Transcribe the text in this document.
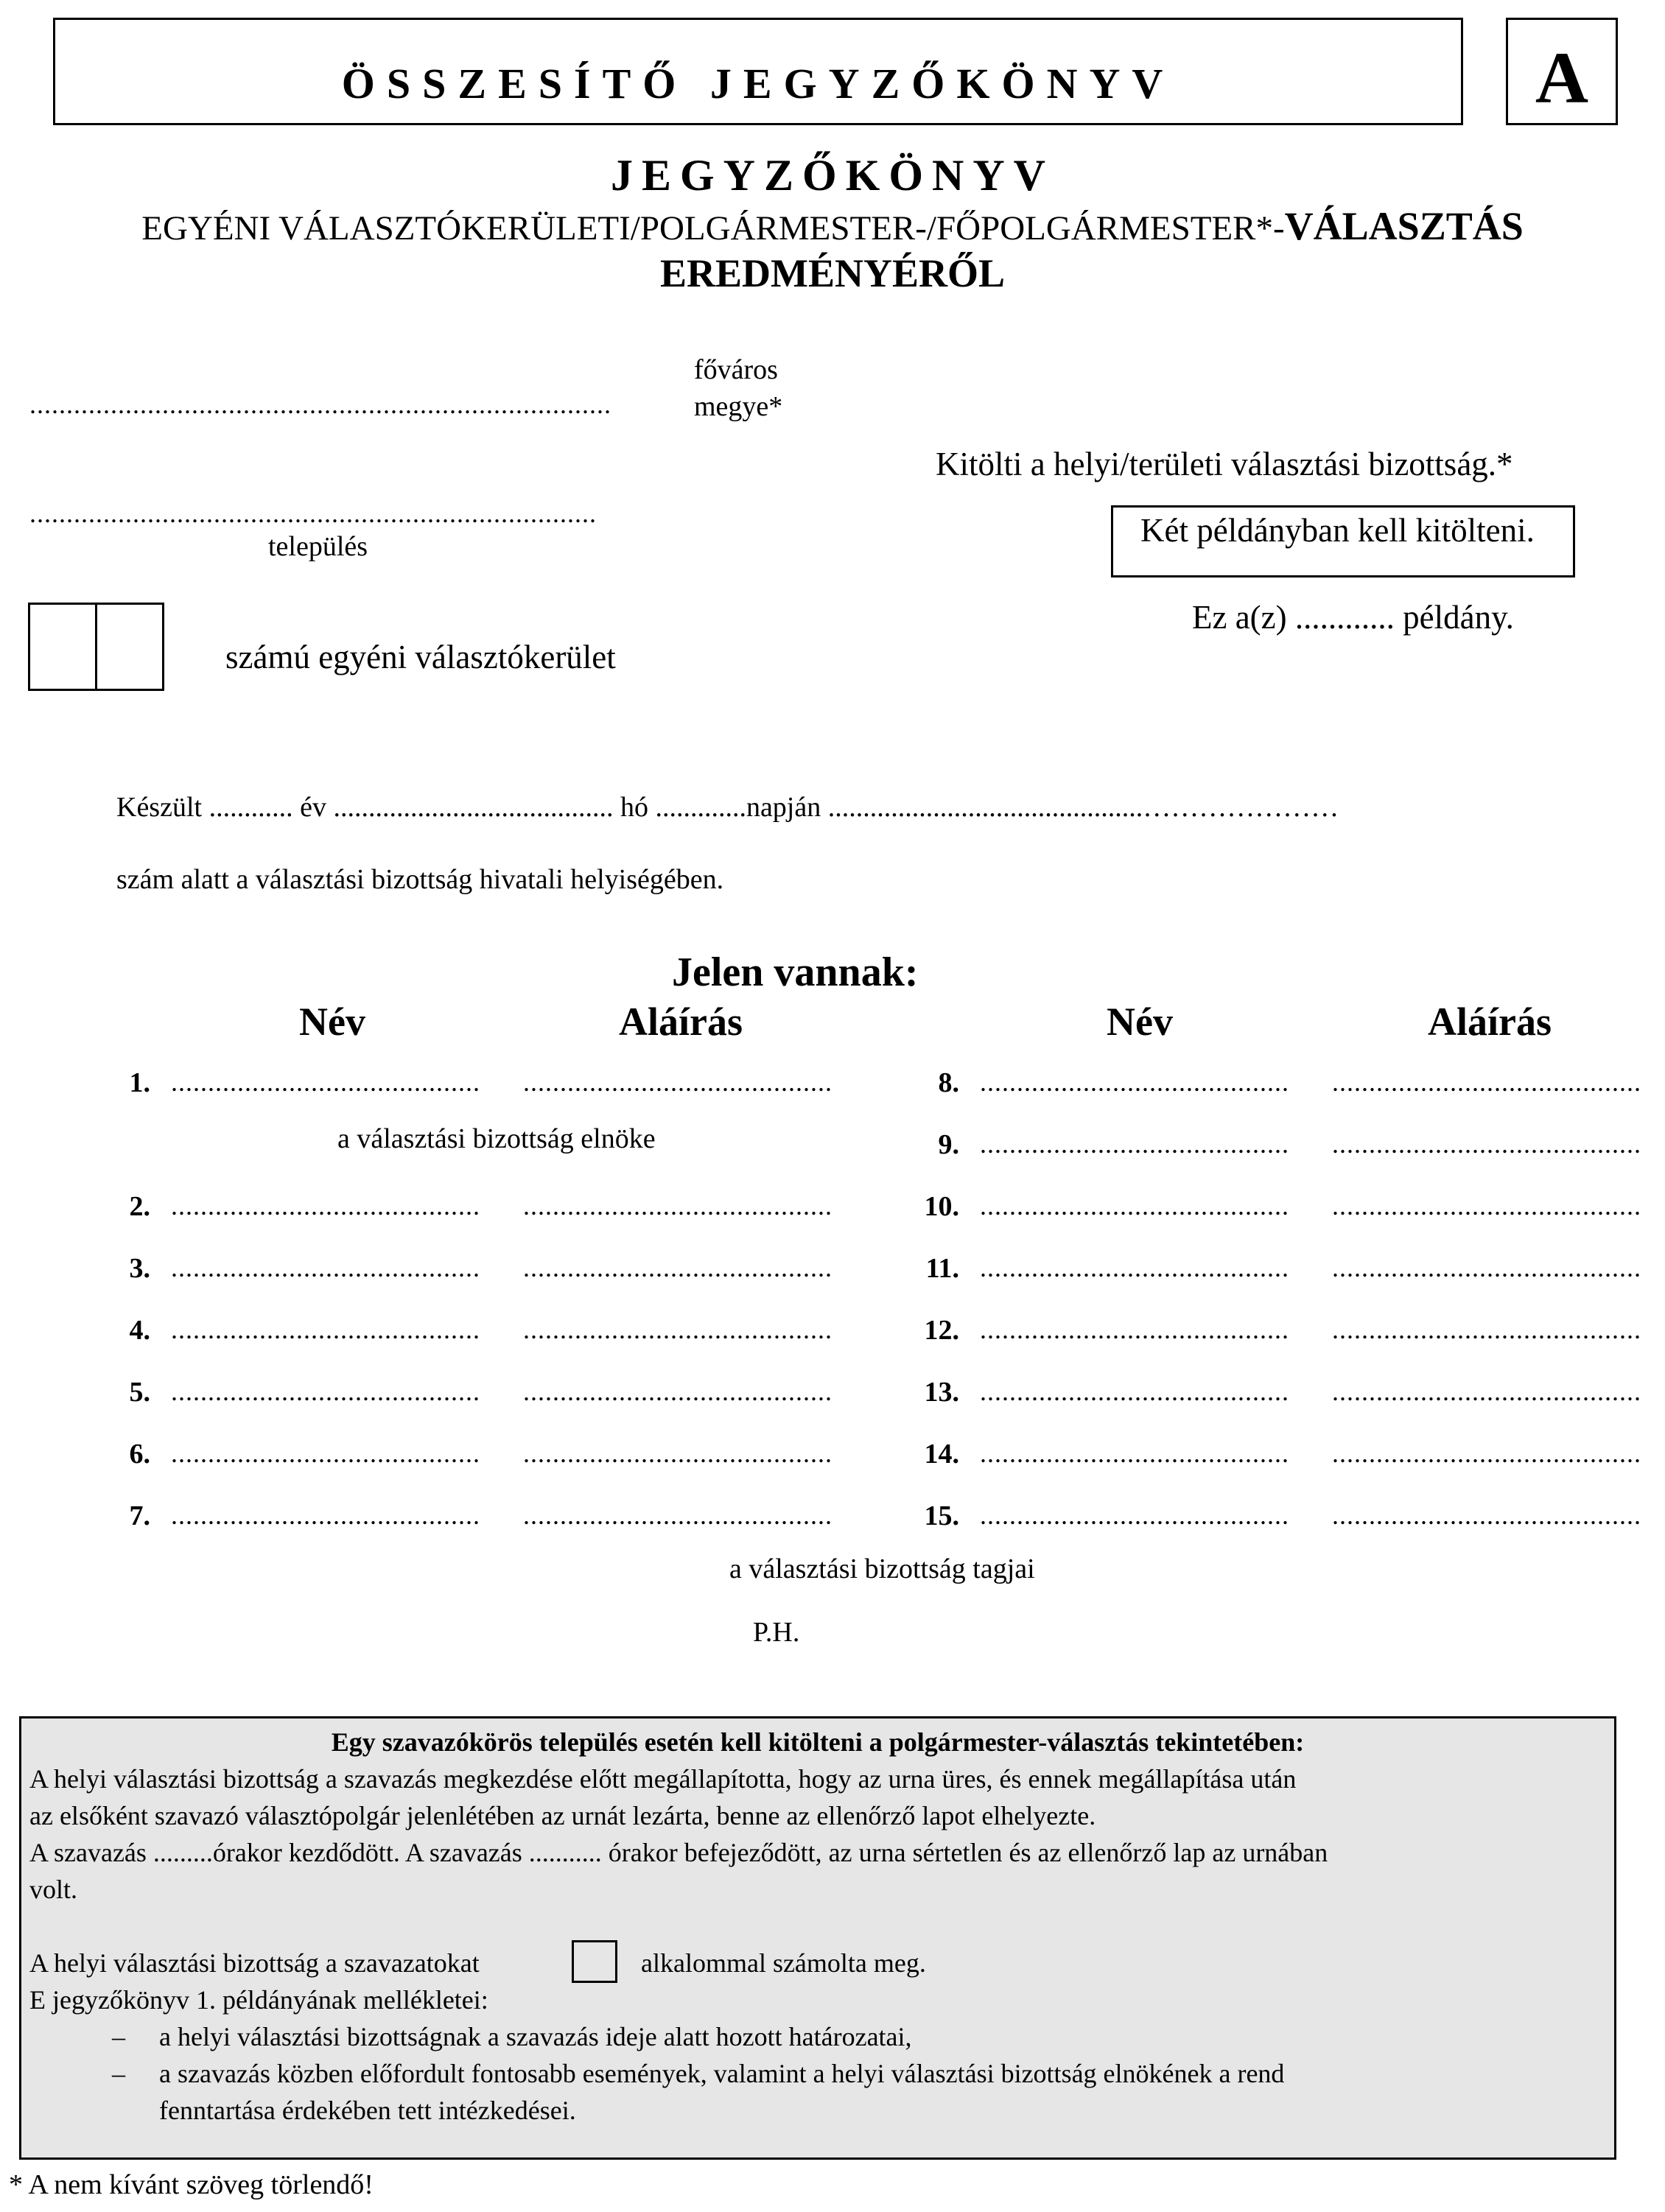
ÖSSZESÍTŐ JEGYZŐKÖNYV	A
JEGYZŐKÖNYV
EGYÉNI VÁLASZTÓKERÜLETI/POLGÁRMESTER-/FŐPOLGÁRMESTER*-VÁLASZTÁS
EREDMÉNYÉRŐL
...............................................................................
főváros
megye*
.............................................................................
település
számú egyéni választókerület
Kitölti a helyi/területi választási bizottság.*
Két példányban kell kitölteni.
Ez a(z) ............ példány.
Készült ............ év ........................................ hó .............napján .............................................…………………
szám alatt a választási bizottság hivatali helyiségében.
Jelen vannak:
Név	Aláírás	Név	Aláírás
1. ..........................................	..........................................
2. ..........................................	..........................................
3. ..........................................	..........................................
4. ..........................................	..........................................
5. ..........................................	..........................................
6. ..........................................	..........................................
7. ..........................................	..........................................
8. ..........................................	..........................................
9. ..........................................	..........................................
10. ..........................................	..........................................
11. ..........................................	..........................................
12. ..........................................	..........................................
13. ..........................................	..........................................
14. ..........................................	..........................................
15. ..........................................	..........................................
a választási bizottság elnöke
a választási bizottság tagjai
P.H.
Egy szavazókörös település esetén kell kitölteni a polgármester-választás tekintetében:
A helyi választási bizottság a szavazás megkezdése előtt megállapította, hogy az urna üres, és ennek megállapítása után
az elsőként szavazó választópolgár jelenlétében az urnát lezárta, benne az ellenőrző lapot elhelyezte.
A szavazás .........órakor kezdődött. A szavazás ........... órakor befejeződött, az urna sértetlen és az ellenőrző lap az urnában
volt.
A helyi választási bizottság a szavazatokat	alkalommal számolta meg.
E jegyzőkönyv 1. példányának mellékletei:
– a helyi választási bizottságnak a szavazás ideje alatt hozott határozatai,
– a szavazás közben előfordult fontosabb események, valamint a helyi választási bizottság elnökének a rend
fenntartása érdekében tett intézkedései.
* A nem kívánt szöveg törlendő!
